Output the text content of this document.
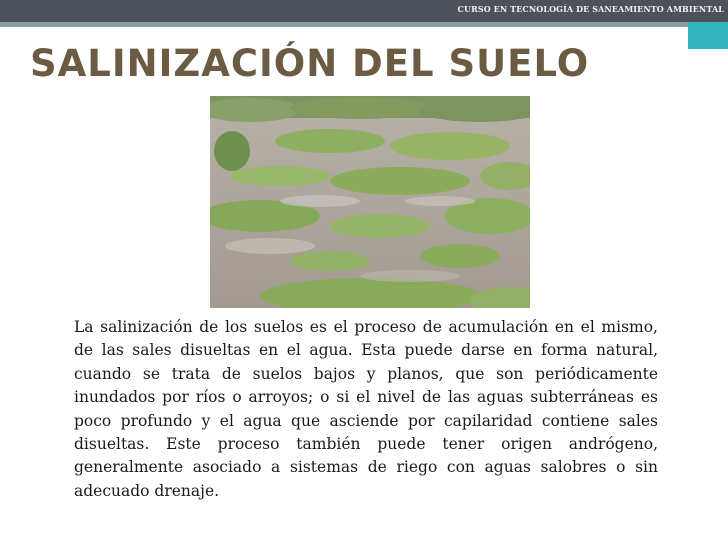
CURSO EN TECNOLOGÍA DE SANEAMIENTO AMBIENTAL
SALINIZACIÓN DEL SUELO

La salinización de los suelos es el proceso de acumulación en el mismo, de las sales disueltas en el agua. Esta puede darse en forma natural, cuando se trata de suelos bajos y planos, que son periódicamente inundados por ríos o arroyos; o si el nivel de las aguas subterráneas es poco profundo y el agua que asciende por capilaridad contiene sales disueltas. Este proceso también puede tener origen andrógeno, generalmente asociado a sistemas de riego con aguas salobres o sin adecuado drenaje.
